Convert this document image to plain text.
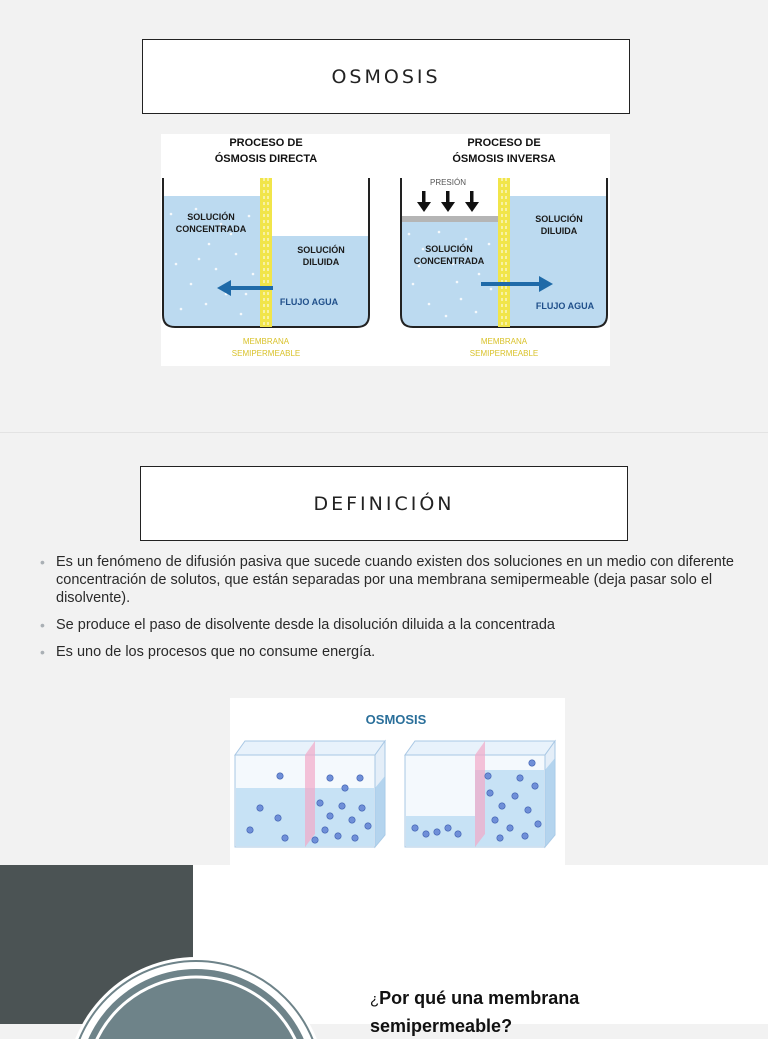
OSMOSIS
PROCESO DE
ÓSMOSIS DIRECTA
SOLUCIÓN
CONCENTRADA
SOLUCIÓN
DILUIDA
FLUJO AGUA
MEMBRANA
SEMIPERMEABLE
PROCESO DE
ÓSMOSIS INVERSA
PRESIÓN
SOLUCIÓN
DILUIDA
SOLUCIÓN
CONCENTRADA
FLUJO AGUA
MEMBRANA
SEMIPERMEABLE
DEFINICIÓN
• Es un fenómeno de difusión pasiva que sucede cuando existen dos soluciones en un medio con diferente concentración de solutos, que están separadas por una membrana semipermeable (deja pasar solo el disolvente).
• Se produce el paso de disolvente desde la disolución diluida a la concentrada
• Es uno de los procesos que no consume energía.
OSMOSIS
¿Por qué una membrana
semipermeable?
